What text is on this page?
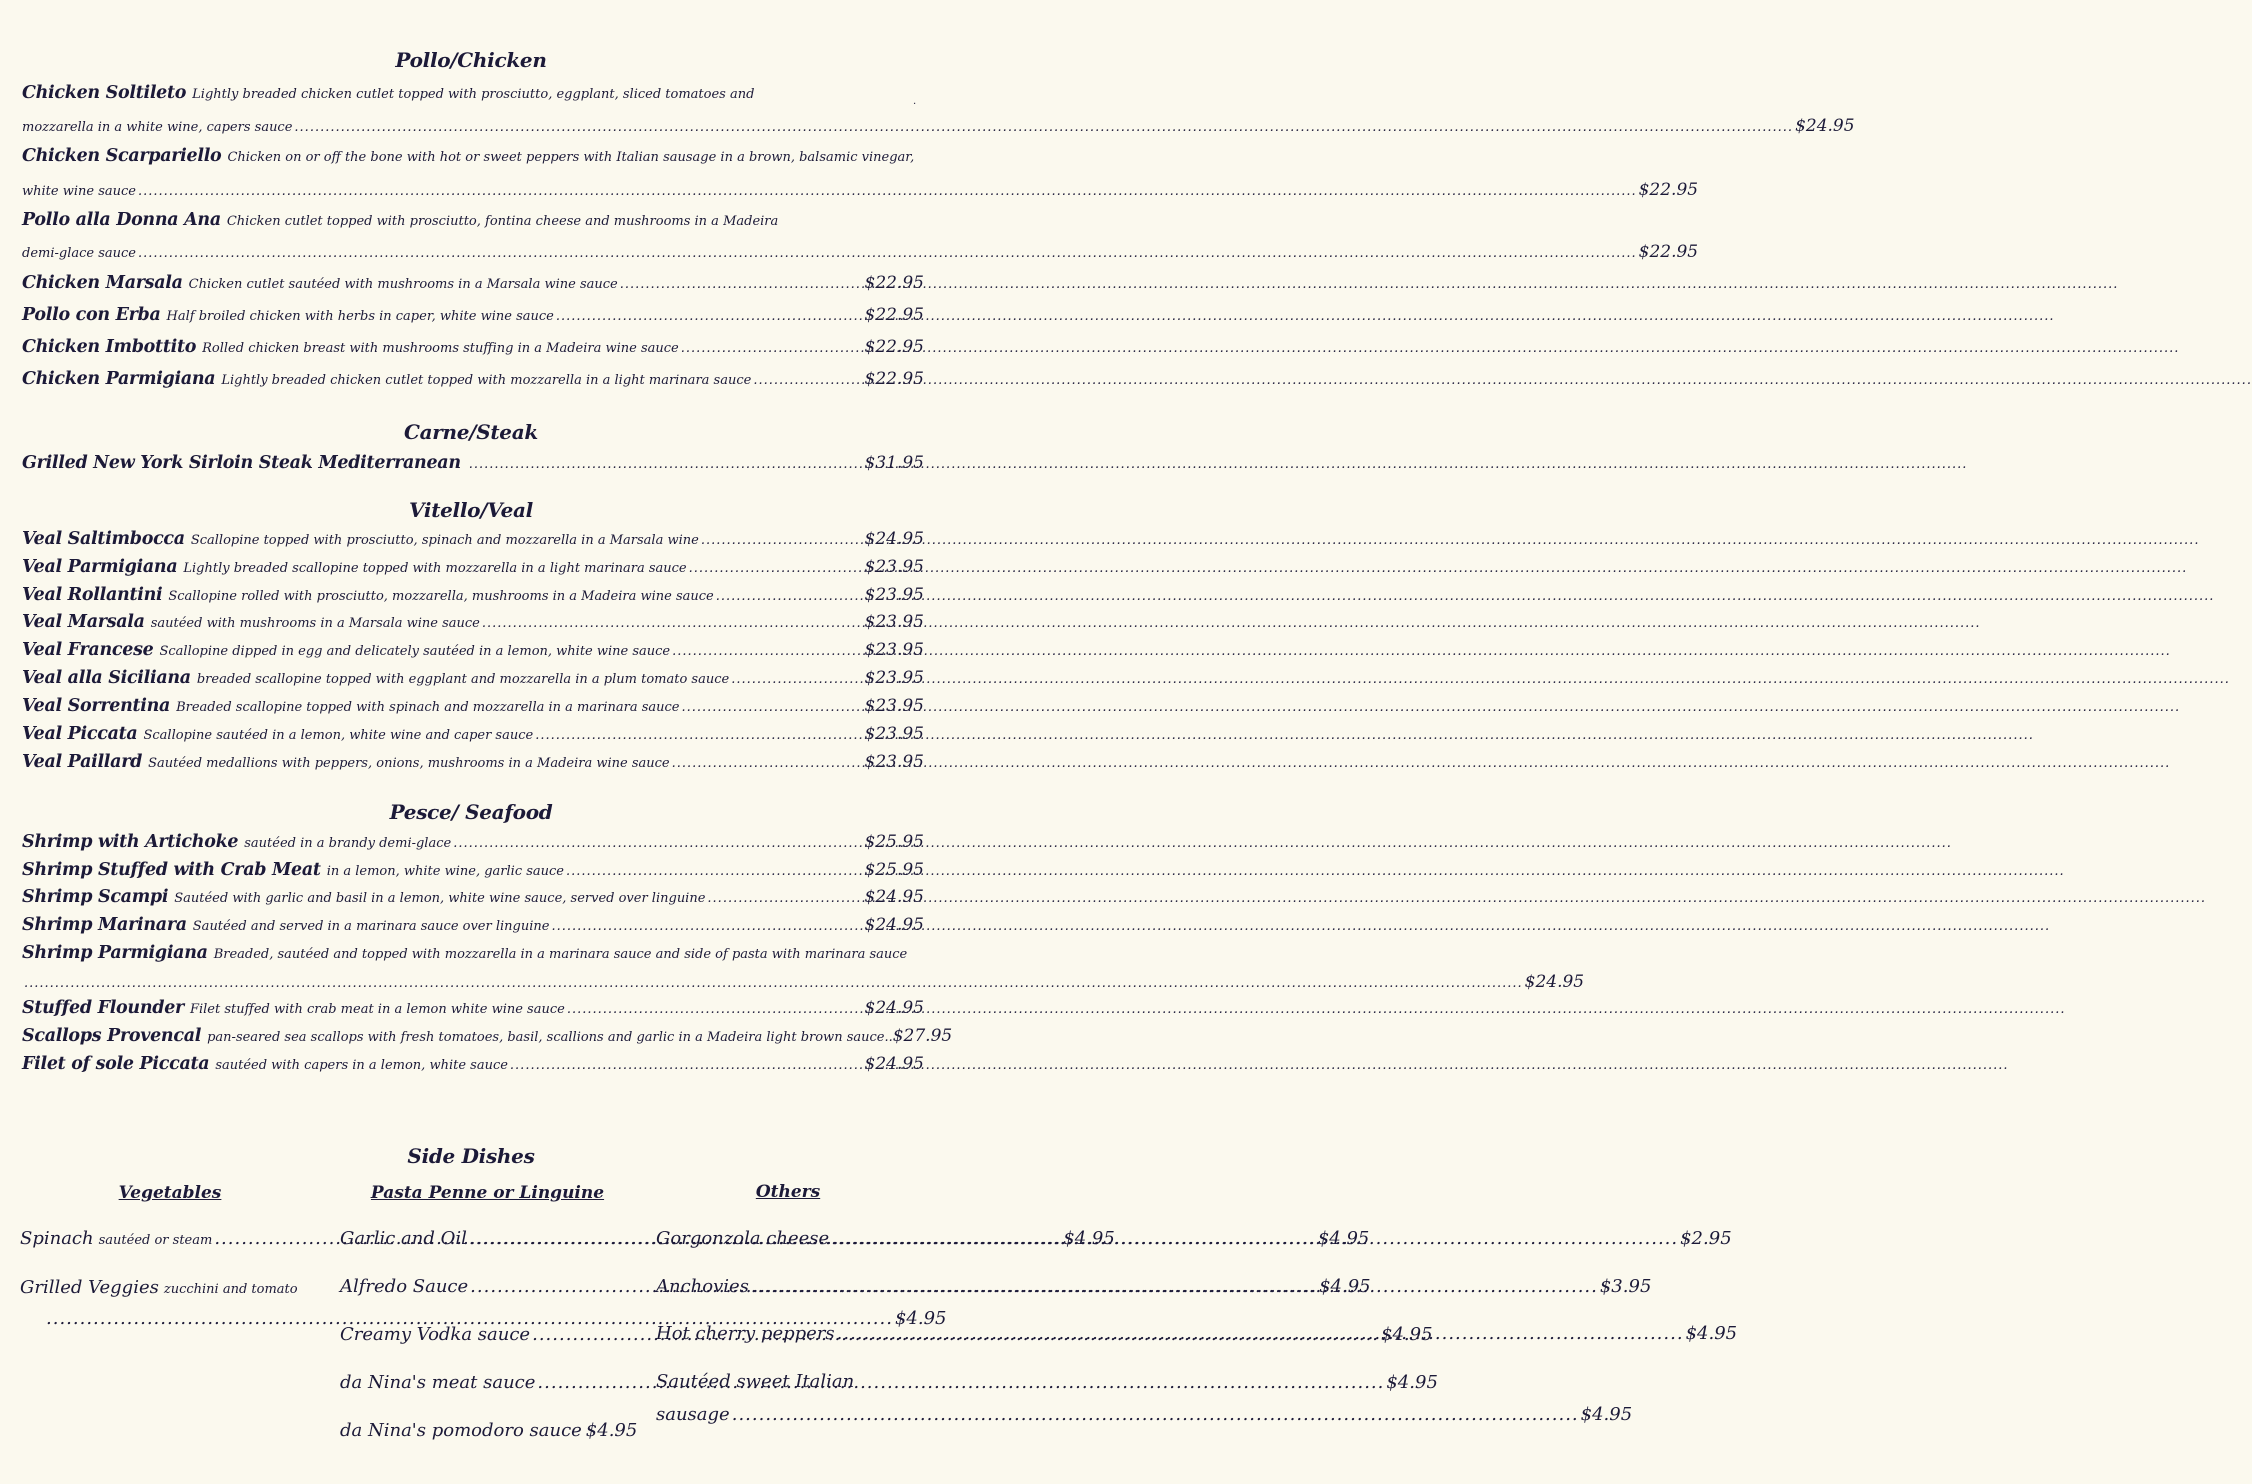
Pollo/Chicken
Chicken Soltileto Lightly breaded chicken cutlet topped with prosciutto, eggplant, sliced tomatoes and	.
mozzarella in a white wine, capers sauce .....	$24.95
Chicken Scarpariello Chicken on or off the bone with hot or sweet peppers with Italian sausage in a brown, balsamic vinegar,
white wine sauce .....	$22.95
Pollo alla Donna Ana Chicken cutlet topped with prosciutto, fontina cheese and mushrooms in a Madeira
demi-glace sauce .....	$22.95
Chicken Marsala Chicken cutlet sautéed with mushrooms in a Marsala wine sauce .....	$22.95
Pollo con Erba Half broiled chicken with herbs in caper, white wine sauce .....	$22.95
Chicken Imbottito Rolled chicken breast with mushrooms stuffing in a Madeira wine sauce .....	$22.95
Chicken Parmigiana Lightly breaded chicken cutlet topped with mozzarella in a light marinara sauce .....	$22.95
Carne/Steak
Grilled New York Sirloin Steak Mediterranean .....	$31.95
Vitello/Veal
Veal Saltimbocca Scallopine topped with prosciutto, spinach and mozzarella in a Marsala wine .....	$24.95
Veal Parmigiana Lightly breaded scallopine topped with mozzarella in a light marinara sauce .....	$23.95
Veal Rollantini Scallopine rolled with prosciutto, mozzarella, mushrooms in a Madeira wine sauce .....	$23.95
Veal Marsala sautéed with mushrooms in a Marsala wine sauce .....	$23.95
Veal Francese Scallopine dipped in egg and delicately sautéed in a lemon, white wine sauce .....	$23.95
Veal alla Siciliana breaded scallopine topped with eggplant and mozzarella in a plum tomato sauce .....	$23.95
Veal Sorrentina Breaded scallopine topped with spinach and mozzarella in a marinara sauce .....	$23.95
Veal Piccata Scallopine sautéed in a lemon, white wine and caper sauce .....	$23.95
Veal Paillard Sautéed medallions with peppers, onions, mushrooms in a Madeira wine sauce .....	$23.95
Pesce/ Seafood
Shrimp with Artichoke sautéed in a brandy demi-glace .....	$25.95
Shrimp Stuffed with Crab Meat in a lemon, white wine, garlic sauce .....	$25.95
Shrimp Scampi Sautéed with garlic and basil in a lemon, white wine sauce, served over linguine .....	$24.95
Shrimp Marinara Sautéed and served in a marinara sauce over linguine .....	$24.95
Shrimp Parmigiana Breaded, sautéed and topped with mozzarella in a marinara sauce and side of pasta with marinara sauce
.....
$24.95
Stuffed Flounder Filet stuffed with crab meat in a lemon white wine sauce .....	$24.95
Scallops Provencal pan-seared sea scallops with fresh tomatoes, basil, scallions and garlic in a Madeira light brown sauce.. $27.95
Filet of sole Piccata sautéed with capers in a lemon, white sauce .....	$24.95
Side Dishes
Vegetables	Pasta Penne or Linguine	Others
Spinach sautéed or steam .....	$4.95
Grilled Veggies zucchini and tomato
.....
$4.95
Garlic and Oil .....	$4.95
Alfredo Sauce .....	$4.95
Creamy Vodka sauce .....	$4.95
da Nina's meat sauce .....	$4.95
da Nina's pomodoro sauce $4.95
Gorgonzola cheese .....	$2.95
Anchovies .....	$3.95
Hot cherry peppers .....	$4.95
Sautéed sweet Italian
sausage .....	$4.95
